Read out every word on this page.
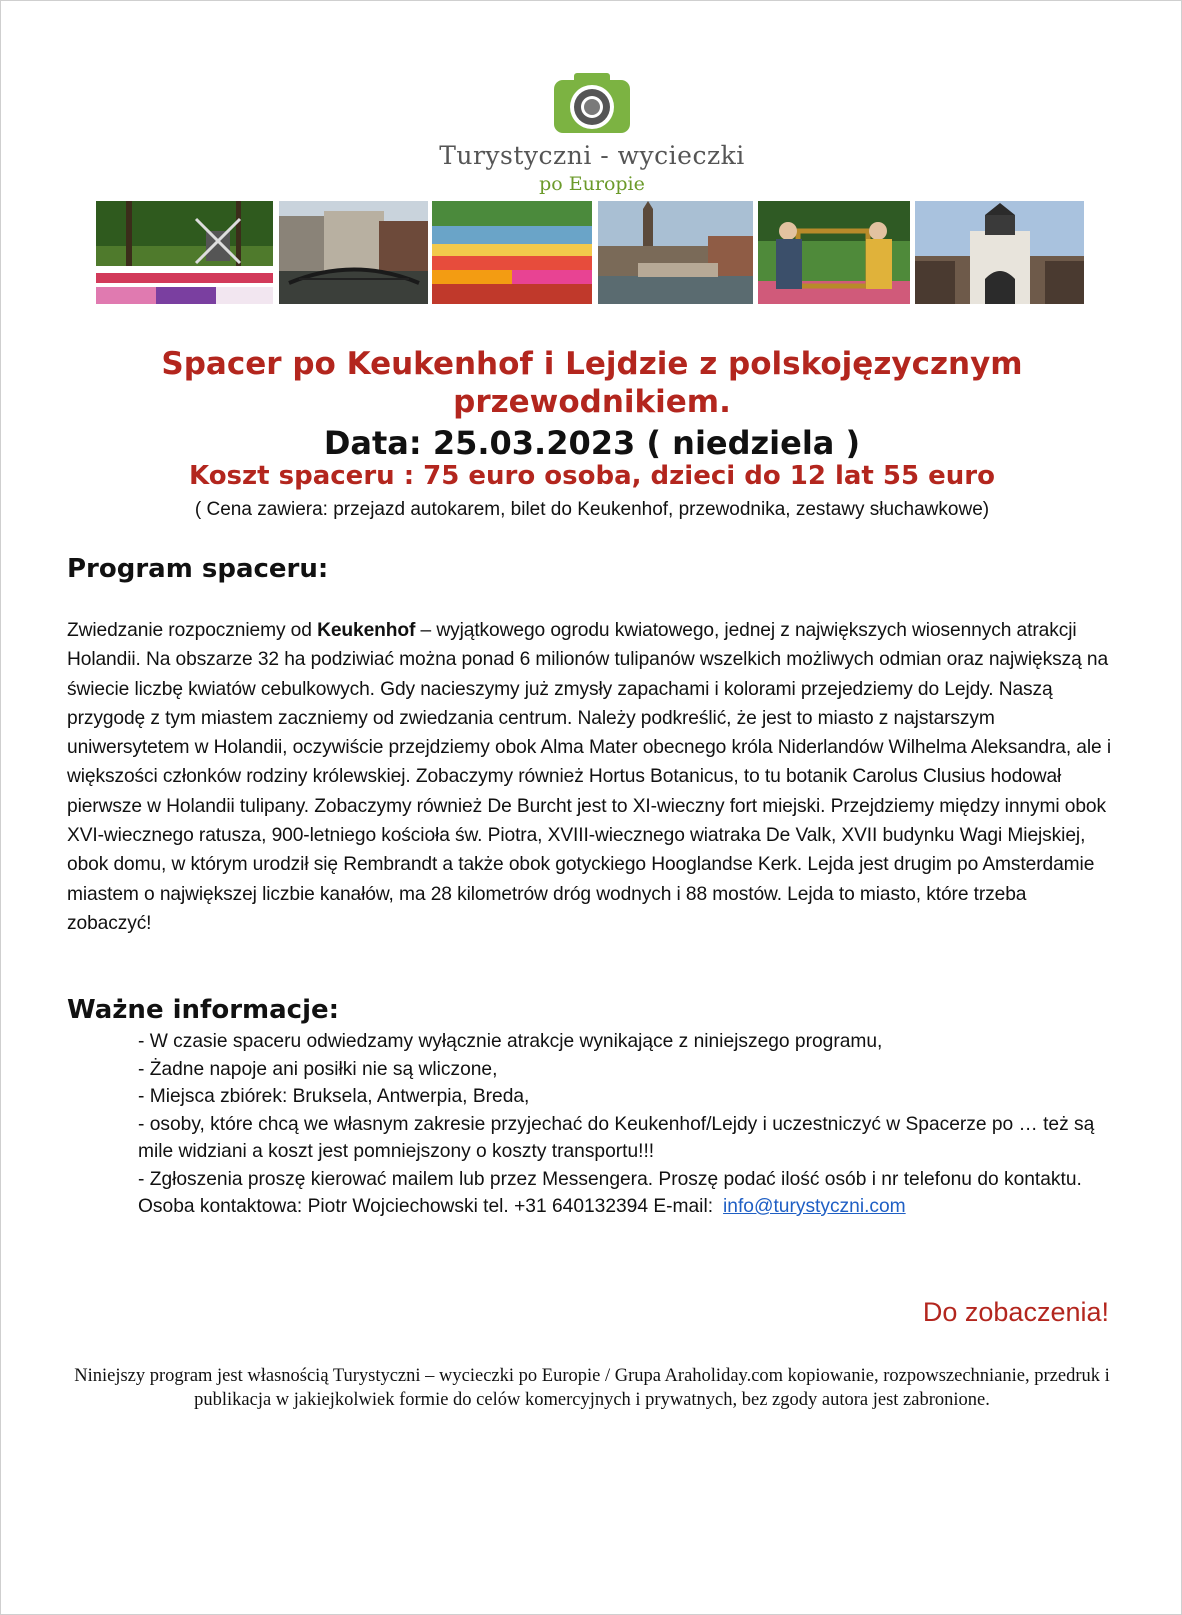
Turystyczni - wycieczki
po Europie
Spacer po Keukenhof i Lejdzie z polskojęzycznym przewodnikiem.
Data: 25.03.2023 ( niedziela )
Koszt spaceru : 75 euro osoba, dzieci do 12 lat 55 euro
( Cena zawiera: przejazd autokarem, bilet do Keukenhof, przewodnika, zestawy słuchawkowe)
Program spaceru:
Zwiedzanie rozpoczniemy od Keukenhof – wyjątkowego ogrodu kwiatowego, jednej z największych wiosennych atrakcji Holandii. Na obszarze 32 ha podziwiać można ponad 6 milionów tulipanów wszelkich możliwych odmian oraz największą na świecie liczbę kwiatów cebulkowych. Gdy nacieszymy już zmysły zapachami i kolorami przejedziemy do Lejdy. Naszą przygodę z tym miastem zaczniemy od zwiedzania centrum. Należy podkreślić, że jest to miasto z najstarszym uniwersytetem w Holandii, oczywiście przejdziemy obok Alma Mater obecnego króla Niderlandów Wilhelma Aleksandra, ale i większości członków rodziny królewskiej. Zobaczymy również Hortus Botanicus, to tu botanik Carolus Clusius hodował pierwsze w Holandii tulipany. Zobaczymy również De Burcht jest to XI-wieczny fort miejski. Przejdziemy między innymi obok XVI-wiecznego ratusza, 900-letniego kościoła św. Piotra, XVIII-wiecznego wiatraka De Valk, XVII budynku Wagi Miejskiej, obok domu, w którym urodził się Rembrandt a także obok gotyckiego Hooglandse Kerk. Lejda jest drugim po Amsterdamie miastem o największej liczbie kanałów, ma 28 kilometrów dróg wodnych i 88 mostów. Lejda to miasto, które trzeba zobaczyć!
Ważne informacje:
- W czasie spaceru odwiedzamy wyłącznie atrakcje wynikające z niniejszego programu,
- Żadne napoje ani posiłki nie są wliczone,
- Miejsca zbiórek: Bruksela, Antwerpia, Breda,
- osoby, które chcą we własnym zakresie przyjechać do Keukenhof/Lejdy i uczestniczyć w Spacerze po … też są mile widziani a koszt jest pomniejszony o koszty transportu!!!
- Zgłoszenia proszę kierować mailem lub przez Messengera. Proszę podać ilość osób i nr telefonu do kontaktu.
Osoba kontaktowa: Piotr Wojciechowski tel. +31 640132394 E-mail: info@turystyczni.com
Do zobaczenia!
Niniejszy program jest własnością Turystyczni – wycieczki po Europie / Grupa Araholiday.com kopiowanie, rozpowszechnianie, przedruk i publikacja w jakiejkolwiek formie do celów komercyjnych i prywatnych, bez zgody autora jest zabronione.
